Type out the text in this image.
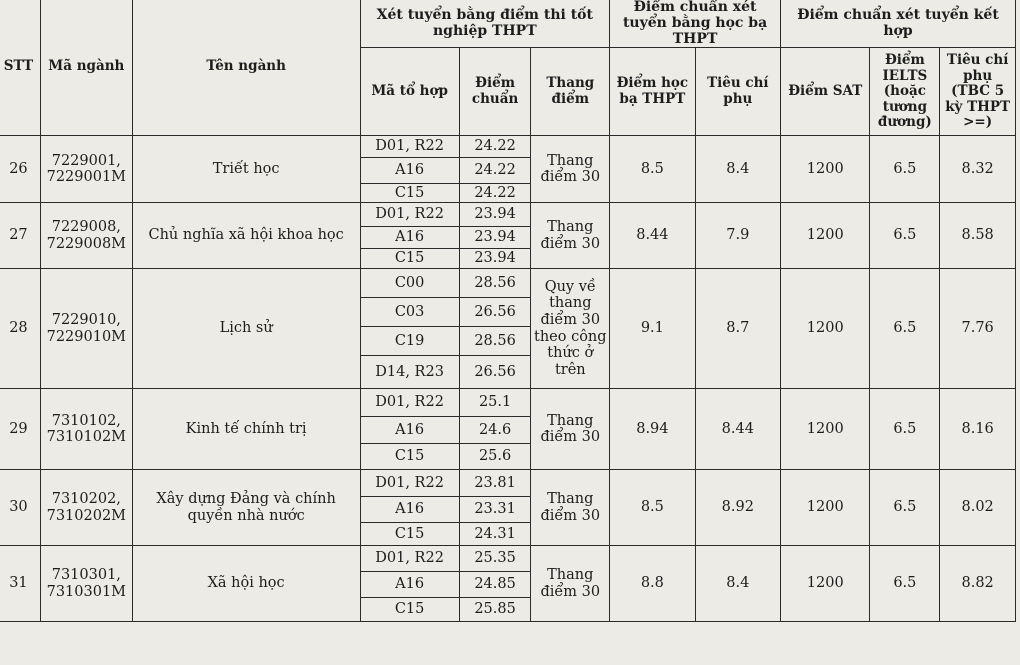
STT	Mã ngành	Tên ngành	Xét tuyển bằng điểm thi tốt nghiệp THPT			Điểm chuẩn xét tuyển bằng học bạ THPT		Điểm chuẩn xét tuyển kết hợp		
			Mã tổ hợp	Điểm chuẩn	Thang điểm	Điểm học bạ THPT	Tiêu chí phụ	Điểm SAT	Điểm IELTS (hoặc tương đương)	Tiêu chí phụ (TBC 5 kỳ THPT >=)
26	7229001, 7229001M	Triết học	D01, R22	24.22	Thang điểm 30	8.5	8.4	1200	6.5	8.32
			A16	24.22						
			C15	24.22						
27	7229008, 7229008M	Chủ nghĩa xã hội khoa học	D01, R22	23.94	Thang điểm 30	8.44	7.9	1200	6.5	8.58
			A16	23.94						
			C15	23.94						
28	7229010, 7229010M	Lịch sử	C00	28.56	Quy về thang điểm 30 theo công thức ở trên	9.1	8.7	1200	6.5	7.76
			C03	26.56						
			C19	28.56						
			D14, R23	26.56						
29	7310102, 7310102M	Kinh tế chính trị	D01, R22	25.1	Thang điểm 30	8.94	8.44	1200	6.5	8.16
			A16	24.6						
			C15	25.6						
30	7310202, 7310202M	Xây dựng Đảng và chính quyền nhà nước	D01, R22	23.81	Thang điểm 30	8.5	8.92	1200	6.5	8.02
			A16	23.31						
			C15	24.31						
31	7310301, 7310301M	Xã hội học	D01, R22	25.35	Thang điểm 30	8.8	8.4	1200	6.5	8.82
			A16	24.85						
			C15	25.85						
